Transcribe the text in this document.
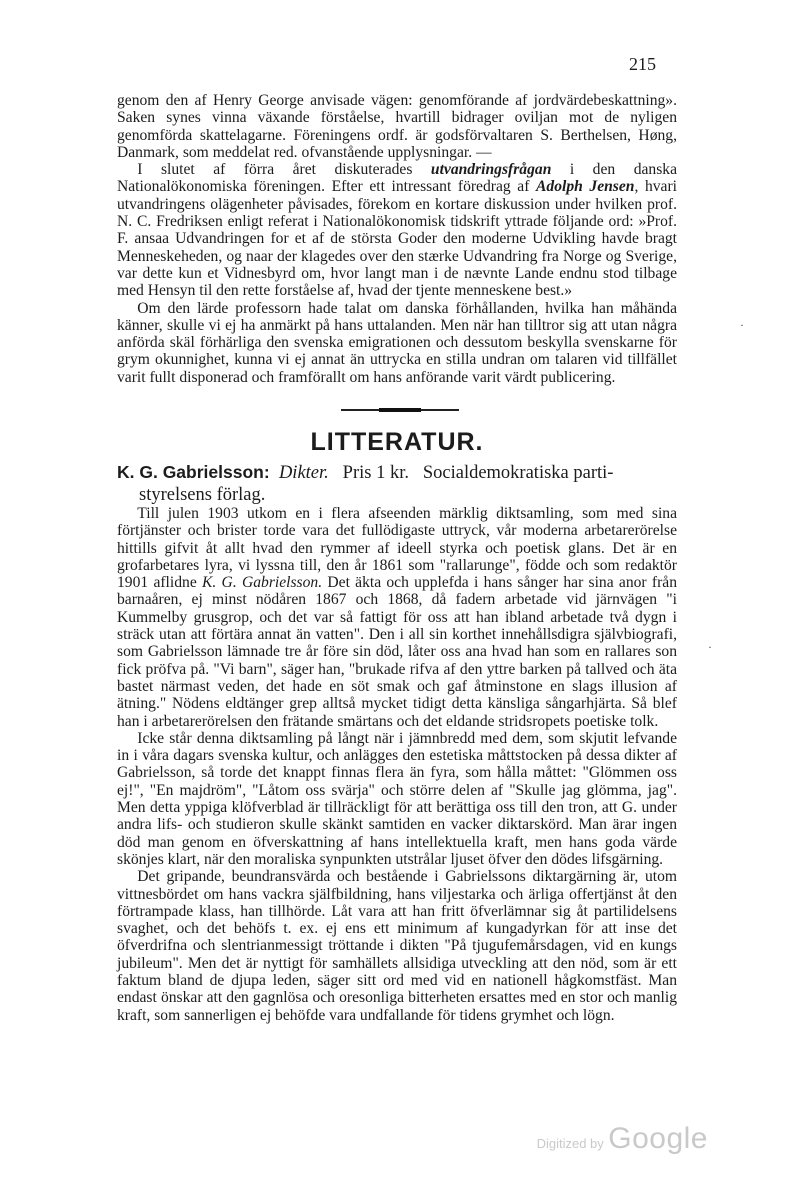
215

genom den af Henry George anvisade vägen: genomförande af jordvärdebeskattning». Saken synes vinna växande förståelse, hvartill bidrager oviljan mot de nyligen genomförda skattelagarne. Föreningens ordf. är godsförvaltaren S. Berthelsen, Høng, Danmark, som meddelat red. ofvanstående upplysningar. —

I slutet af förra året diskuterades utvandringsfrågan i den danska Nationalökonomiska föreningen. Efter ett intressant föredrag af Adolph Jensen, hvari utvandringens olägenheter påvisades, förekom en kortare diskussion under hvilken prof. N. C. Fredriksen enligt referat i Nationalökonomisk tidskrift yttrade följande ord: »Prof. F. ansaa Udvandringen for et af de största Goder den moderne Udvikling havde bragt Menneskeheden, og naar der klagedes over den stærke Udvandring fra Norge og Sverige, var dette kun et Vidnesbyrd om, hvor langt man i de nævnte Lande endnu stod tilbage med Hensyn til den rette forståelse af, hvad der tjente menneskene best.»

Om den lärde professorn hade talat om danska förhållanden, hvilka han måhända känner, skulle vi ej ha anmärkt på hans uttalanden. Men när han tilltror sig att utan några anförda skäl förhärliga den svenska emigrationen och dessutom beskylla svenskarne för grym okunnighet, kunna vi ej annat än uttrycka en stilla undran om talaren vid tillfället varit fullt disponerad och framförallt om hans anförande varit värdt publicering.

LITTERATUR.
K. G. Gabrielsson: Dikter. Pris 1 kr. Socialdemokratiska parti-
styrelsens förlag.

Till julen 1903 utkom en i flera afseenden märklig diktsamling, som med sina förtjänster och brister torde vara det fullödigaste uttryck, vår moderna arbetarerörelse hittills gifvit åt allt hvad den rymmer af ideell styrka och poetisk glans. Det är en grofarbetares lyra, vi lyssna till, den år 1861 som "rallarunge", födde och som redaktör 1901 aflidne K. G. Gabrielsson. Det äkta och upplefda i hans sånger har sina anor från barnaåren, ej minst nödåren 1867 och 1868, då fadern arbetade vid järnvägen "i Kummelby grusgrop, och det var så fattigt för oss att han ibland arbetade två dygn i sträck utan att förtära annat än vatten". Den i all sin korthet innehållsdigra självbiografi, som Gabrielsson lämnade tre år före sin död, låter oss ana hvad han som en rallares son fick pröfva på. "Vi barn", säger han, "brukade rifva af den yttre barken på tallved och äta bastet närmast veden, det hade en söt smak och gaf åtminstone en slags illusion af ätning." Nödens eldtänger grep alltså mycket tidigt detta känsliga sångarhjärta. Så blef han i arbetarerörelsen den frätande smärtans och det eldande stridsropets poetiske tolk.

Icke står denna diktsamling på långt när i jämnbredd med dem, som skjutit lefvande in i våra dagars svenska kultur, och anlägges den estetiska måttstocken på dessa dikter af Gabrielsson, så torde det knappt finnas flera än fyra, som hålla måttet: "Glömmen oss ej!", "En majdröm", "Låtom oss svärja" och större delen af "Skulle jag glömma, jag". Men detta yppiga klöfverblad är tillräckligt för att berättiga oss till den tron, att G. under andra lifs- och studieron skulle skänkt samtiden en vacker diktarskörd. Man ärar ingen död man genom en öfverskattning af hans intellektuella kraft, men hans goda värde skönjes klart, när den moraliska synpunkten utstrålar ljuset öfver den dödes lifsgärning.

Det gripande, beundransvärda och bestående i Gabrielssons diktargärning är, utom vittnesbördet om hans vackra själfbildning, hans viljestarka och ärliga offertjänst åt den förtrampade klass, han tillhörde. Låt vara att han fritt öfverlämnar sig åt partilidelsens svaghet, och det behöfs t. ex. ej ens ett minimum af kungadyrkan för att inse det öfverdrifna och slentrianmessigt tröttande i dikten "På tjugufemårsdagen, vid en kungs jubileum". Men det är nyttigt för samhällets allsidiga utveckling att den nöd, som är ett faktum bland de djupa leden, säger sitt ord med vid en nationell hågkomstfäst. Man endast önskar att den gagnlösa och oresonliga bitterheten ersattes med en stor och manlig kraft, som sannerligen ej behöfde vara undfallande för tidens grymhet och lögn.

·
·
Digitized by Google
